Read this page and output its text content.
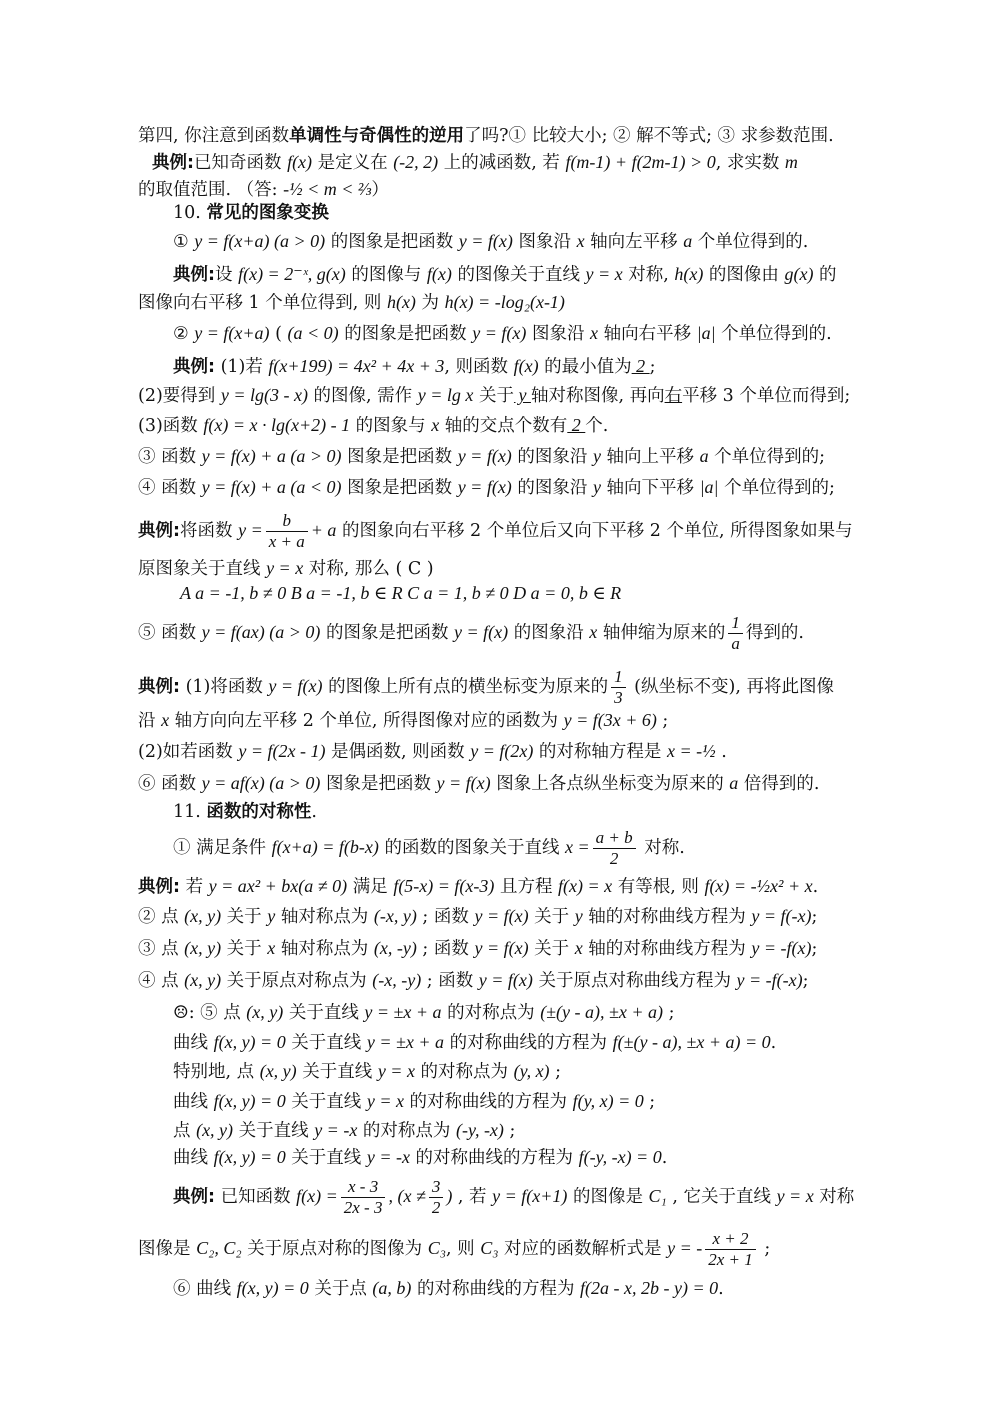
第四, 你注意到函数单调性与奇偶性的逆用了吗?① 比较大小; ② 解不等式; ③ 求参数范围.
典例:已知奇函数 f(x) 是定义在 (-2, 2) 上的减函数, 若 f(m-1) + f(2m-1) > 0, 求实数 m
的取值范围. （答: -½ < m < ⅔）
10. 常见的图象变换
① y = f(x+a) (a > 0) 的图象是把函数 y = f(x) 图象沿 x 轴向左平移 a 个单位得到的.
典例:设 f(x) = 2⁻ˣ, g(x) 的图像与 f(x) 的图像关于直线 y = x 对称, h(x) 的图像由 g(x) 的
图像向右平移 1 个单位得到, 则 h(x) 为 h(x) = -log₂(x-1)
② y = f(x+a) ( (a < 0) 的图象是把函数 y = f(x) 图象沿 x 轴向右平移 |a| 个单位得到的.
典例: (1)若 f(x+199) = 4x² + 4x + 3, 则函数 f(x) 的最小值为 2 ;
(2)要得到 y = lg(3 - x) 的图像, 需作 y = lg x 关于 y 轴对称图像, 再向右平移 3 个单位而得到;
(3)函数 f(x) = x · lg(x+2) - 1 的图象与 x 轴的交点个数有 2 个.
③ 函数 y = f(x) + a (a > 0) 图象是把函数 y = f(x) 的图象沿 y 轴向上平移 a 个单位得到的;
④ 函数 y = f(x) + a (a < 0) 图象是把函数 y = f(x) 的图象沿 y 轴向下平移 |a| 个单位得到的;
典例:将函数 $y = \frac{b}{x + a} + a$ 的图象向右平移 2 个单位后又向下平移 2 个单位, 所得图象如果与
原图象关于直线 y = x 对称, 那么 ( C )
A a = -1, b ≠ 0 B a = -1, b ∈ R C a = 1, b ≠ 0 D a = 0, b ∈ R
⑤ 函数 y = f(ax) (a > 0) 的图象是把函数 y = f(x) 的图象沿 x 轴伸缩为原来的 $\frac{1}{a}$ 得到的.
典例: (1)将函数 y = f(x) 的图像上所有点的横坐标变为原来的 $\frac{1}{3}$ (纵坐标不变), 再将此图像
沿 x 轴方向向左平移 2 个单位, 所得图像对应的函数为 y = f(3x + 6) ;
(2)如若函数 y = f(2x - 1) 是偶函数, 则函数 y = f(2x) 的对称轴方程是 x = -½ .
⑥ 函数 y = af(x) (a > 0) 图象是把函数 y = f(x) 图象上各点纵坐标变为原来的 a 倍得到的.
11. 函数的对称性.
① 满足条件 f(x+a) = f(b-x) 的函数的图象关于直线 $x = \frac{a + b}{2}$ 对称.
典例: 若 y = ax² + bx(a ≠ 0) 满足 f(5-x) = f(x-3) 且方程 f(x) = x 有等根, 则 f(x) = -½x² + x.
② 点 (x, y) 关于 y 轴对称点为 (-x, y) ; 函数 y = f(x) 关于 y 轴的对称曲线方程为 y = f(-x);
③ 点 (x, y) 关于 x 轴对称点为 (x, -y) ; 函数 y = f(x) 关于 x 轴的对称曲线方程为 y = -f(x);
④ 点 (x, y) 关于原点对称点为 (-x, -y) ; 函数 y = f(x) 关于原点对称曲线方程为 y = -f(-x);
☹: ⑤ 点 (x, y) 关于直线 y = ±x + a 的对称点为 (±(y - a), ±x + a) ;
曲线 f(x, y) = 0 关于直线 y = ±x + a 的对称曲线的方程为 f(±(y - a), ±x + a) = 0.
特别地, 点 (x, y) 关于直线 y = x 的对称点为 (y, x) ;
曲线 f(x, y) = 0 关于直线 y = x 的对称曲线的方程为 f(y, x) = 0 ;
点 (x, y) 关于直线 y = -x 的对称点为 (-y, -x) ;
曲线 f(x, y) = 0 关于直线 y = -x 的对称曲线的方程为 f(-y, -x) = 0.
典例: 已知函数 $f(x) = \frac{x - 3}{2x - 3}$ , ($x \ne \frac{3}{2}$ ) , 若 y = f(x+1) 的图像是 C₁ , 它关于直线 y = x 对称
图像是 C₂, C₂ 关于原点对称的图像为 C₃, 则 C₃ 对应的函数解析式是 y = - $\frac{x + 2}{2x + 1}$ ;
⑥ 曲线 f(x, y) = 0 关于点 (a, b) 的对称曲线的方程为 f(2a - x, 2b - y) = 0.
